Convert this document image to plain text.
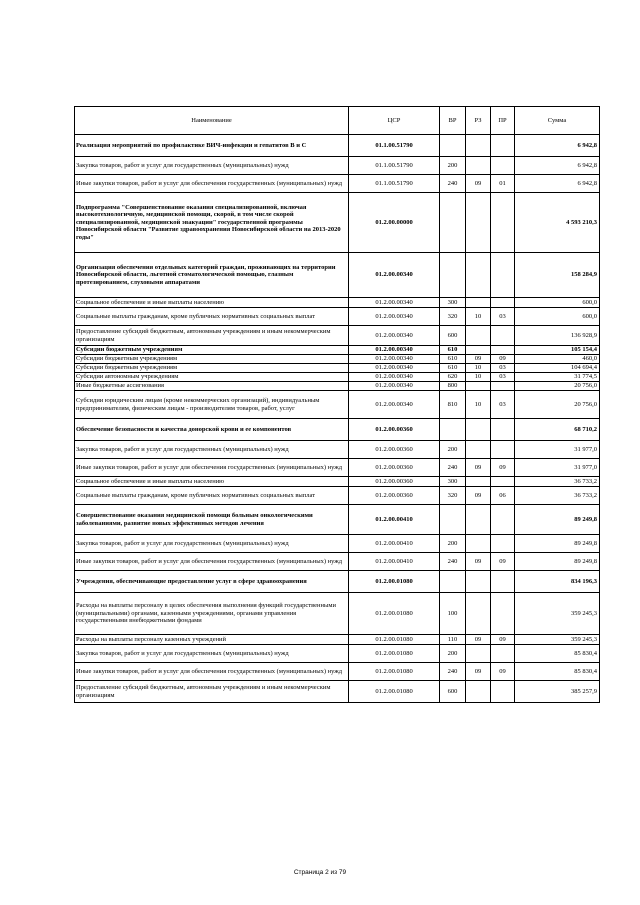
Наименование	ЦСР	ВР	РЗ	ПР	Сумма
Реализация мероприятий по профилактике ВИЧ-инфекции и гепатитов В и С	01.1.00.51790				6 942,8
Закупка товаров, работ и услуг для государственных (муниципальных) нужд	01.1.00.51790	200			6 942,8
Иные закупки товаров, работ и услуг для обеспечения государственных (муниципальных) нужд	01.1.00.51790	240	09	01	6 942,8
Подпрограмма "Совершенствование оказания специализированной, включая высокотехнологичную, медицинской помощи, скорой, в том числе скорой специализированной, медицинской эвакуации" государственной программы Новосибирской области "Развитие здравоохранения Новосибирской области на 2013-2020 годы"	01.2.00.00000				4 593 210,3
Организация обеспечения отдельных категорий граждан, проживающих на территории Новосибирской области, льготной стоматологической помощью, глазным протезированием, слуховыми аппаратами	01.2.00.00340				158 284,9
Социальное обеспечение и иные выплаты населению	01.2.00.00340	300			600,0
Социальные выплаты гражданам, кроме публичных нормативных социальных выплат	01.2.00.00340	320	10	03	600,0
Предоставление субсидий бюджетным, автономным учреждениям и иным некоммерческим организациям	01.2.00.00340	600			136 928,9
Субсидии бюджетным учреждениям	01.2.00.00340	610			105 154,4
Субсидии бюджетным учреждениям	01.2.00.00340	610	09	09	460,0
Субсидии бюджетным учреждениям	01.2.00.00340	610	10	03	104 694,4
Субсидии автономным учреждениям	01.2.00.00340	620	10	03	31 774,5
Иные бюджетные ассигнования	01.2.00.00340	800			20 756,0
Субсидии юридическим лицам (кроме некоммерческих организаций), индивидуальным предпринимателям, физическим лицам - производителям товаров, работ, услуг	01.2.00.00340	810	10	03	20 756,0
Обеспечение безопасности и качества донорской крови и ее компонентов	01.2.00.00360				68 710,2
Закупка товаров, работ и услуг для государственных (муниципальных) нужд	01.2.00.00360	200			31 977,0
Иные закупки товаров, работ и услуг для обеспечения государственных (муниципальных) нужд	01.2.00.00360	240	09	09	31 977,0
Социальное обеспечение и иные выплаты населению	01.2.00.00360	300			36 733,2
Социальные выплаты гражданам, кроме публичных нормативных социальных выплат	01.2.00.00360	320	09	06	36 733,2
Совершенствование оказания медицинской помощи больным онкологическими заболеваниями, развитие новых эффективных методов лечения	01.2.00.00410				89 249,8
Закупка товаров, работ и услуг для государственных (муниципальных) нужд	01.2.00.00410	200			89 249,8
Иные закупки товаров, работ и услуг для обеспечения государственных (муниципальных) нужд	01.2.00.00410	240	09	09	89 249,8
Учреждения, обеспечивающие предоставление услуг в сфере здравоохранения	01.2.00.01080				834 196,3
Расходы на выплаты персоналу в целях обеспечения выполнения функций государственными (муниципальными) органами, казенными учреждениями, органами управления государственными внебюджетными фондами	01.2.00.01080	100			359 245,3
Расходы на выплаты персоналу казенных учреждений	01.2.00.01080	110	09	09	359 245,3
Закупка товаров, работ и услуг для государственных (муниципальных) нужд	01.2.00.01080	200			85 830,4
Иные закупки товаров, работ и услуг для обеспечения государственных (муниципальных) нужд	01.2.00.01080	240	09	09	85 830,4
Предоставление субсидий бюджетным, автономным учреждениям и иным некоммерческим организациям	01.2.00.01080	600			385 257,9
Страница 2 из 79
